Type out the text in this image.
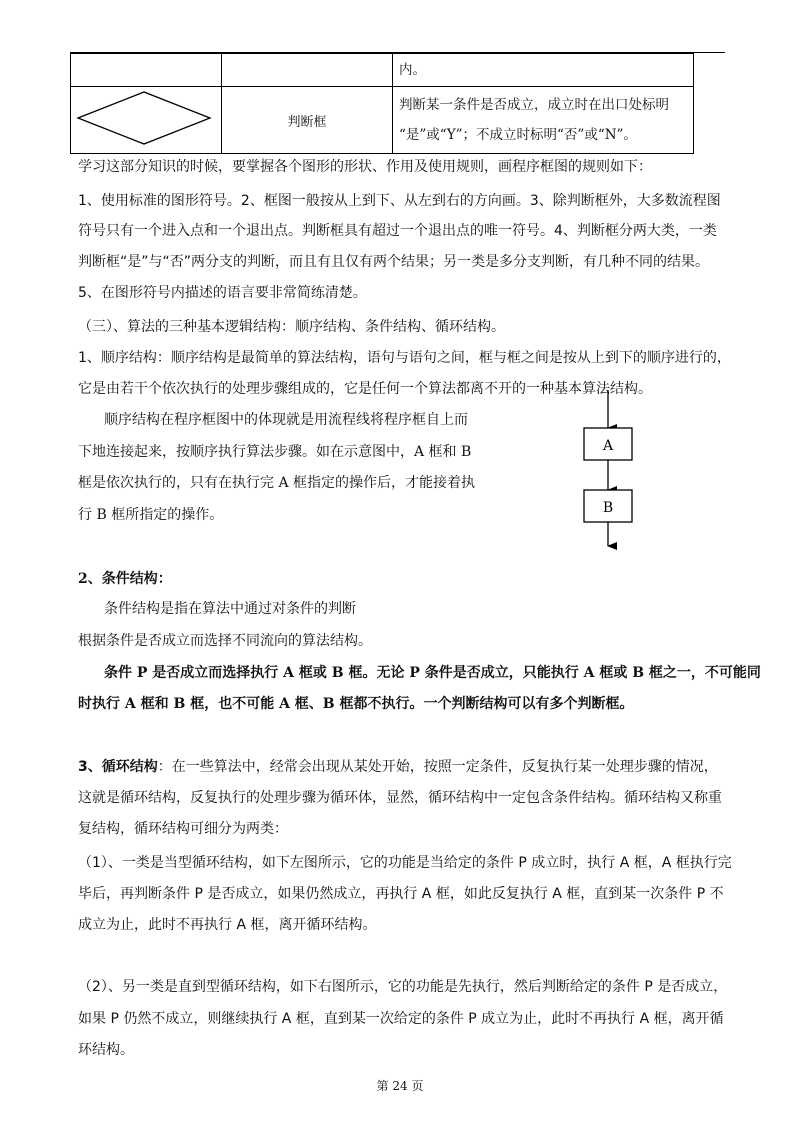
		内。
	判断框	判断某一条件是否成立，成立时在出口处标明
“是”或“Y”；不成立时标明“否”或“N”。
学习这部分知识的时候，要掌握各个图形的形状、作用及使用规则，画程序框图的规则如下：
1、使用标准的图形符号。2、框图一般按从上到下、从左到右的方向画。3、除判断框外，大多数流程图
符号只有一个进入点和一个退出点。判断框具有超过一个退出点的唯一符号。4、判断框分两大类，一类
判断框“是”与“否”两分支的判断，而且有且仅有两个结果；另一类是多分支判断，有几种不同的结果。
5、在图形符号内描述的语言要非常简练清楚。
（三）、算法的三种基本逻辑结构：顺序结构、条件结构、循环结构。
1、顺序结构：顺序结构是最简单的算法结构，语句与语句之间，框与框之间是按从上到下的顺序进行的，
它是由若干个依次执行的处理步骤组成的，它是任何一个算法都离不开的一种基本算法结构。
顺序结构在程序框图中的体现就是用流程线将程序框自上而
下地连接起来，按顺序执行算法步骤。如在示意图中，A 框和 B
框是依次执行的，只有在执行完 A 框指定的操作后，才能接着执
行 B 框所指定的操作。
A
B
2、条件结构：
条件结构是指在算法中通过对条件的判断
根据条件是否成立而选择不同流向的算法结构。
条件 P 是否成立而选择执行 A 框或 B 框。无论 P 条件是否成立，只能执行 A 框或 B 框之一，不可能同
时执行 A 框和 B 框，也不可能 A 框、B 框都不执行。一个判断结构可以有多个判断框。
3、循环结构：在一些算法中，经常会出现从某处开始，按照一定条件，反复执行某一处理步骤的情况，
这就是循环结构，反复执行的处理步骤为循环体，显然，循环结构中一定包含条件结构。循环结构又称重
复结构，循环结构可细分为两类：
（1）、一类是当型循环结构，如下左图所示，它的功能是当给定的条件 P 成立时，执行 A 框，A 框执行完
毕后，再判断条件 P 是否成立，如果仍然成立，再执行 A 框，如此反复执行 A 框，直到某一次条件 P 不
成立为止，此时不再执行 A 框，离开循环结构。
（2）、另一类是直到型循环结构，如下右图所示，它的功能是先执行，然后判断给定的条件 P 是否成立，
如果 P 仍然不成立，则继续执行 A 框，直到某一次给定的条件 P 成立为止，此时不再执行 A 框，离开循
环结构。
第 24 页
